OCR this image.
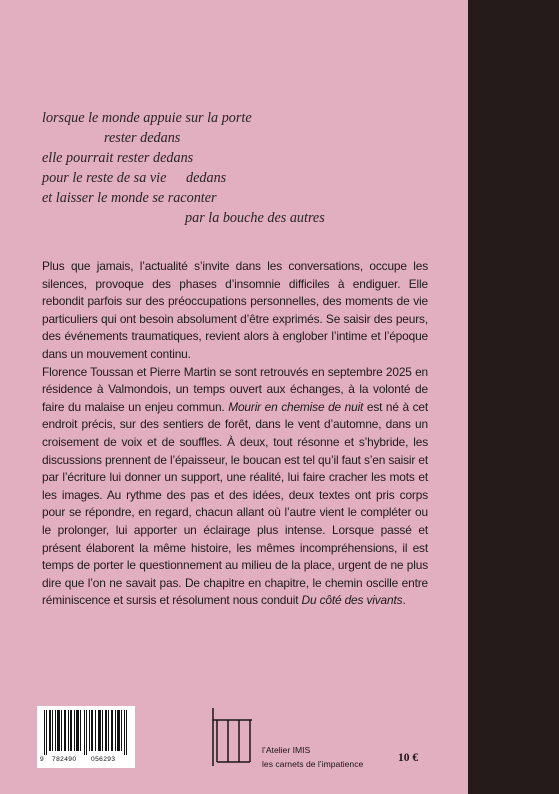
lorsque le monde appuie sur la porte
rester dedans
elle pourrait rester dedans
pour le reste de sa vie dedans
et laisser le monde se raconter
par la bouche des autres

Plus que jamais, l’actualité s’invite dans les conversations, occupe les silences, provoque des phases d’insomnie difficiles à endiguer. Elle rebondit parfois sur des préoccupations personnelles, des moments de vie particuliers qui ont besoin absolument d’être exprimés. Se saisir des peurs, des événements traumatiques, revient alors à englober l’intime et l’époque dans un mouvement continu.

Florence Toussan et Pierre Martin se sont retrouvés en septembre 2025 en résidence à Valmondois, un temps ouvert aux échanges, à la volonté de faire du malaise un enjeu commun. Mourir en chemise de nuit est né à cet endroit précis, sur des sentiers de forêt, dans le vent d’automne, dans un croisement de voix et de souffles. À deux, tout résonne et s’hybride, les discussions prennent de l’épaisseur, le boucan est tel qu’il faut s’en saisir et par l’écriture lui donner un support, une réalité, lui faire cracher les mots et les images. Au rythme des pas et des idées, deux textes ont pris corps pour se répondre, en regard, chacun allant où l’autre vient le compléter ou le prolonger, lui apporter un éclairage plus intense. Lorsque passé et présent élaborent la même histoire, les mêmes incompréhensions, il est temps de porter le questionnement au milieu de la place, urgent de ne plus dire que l’on ne savait pas. De chapitre en chapitre, le chemin oscille entre réminiscence et sursis et résolument nous conduit Du côté des vivants.

9 782490 056293
l’Atelier IMIS
les carnets de l’impatience	10 €
